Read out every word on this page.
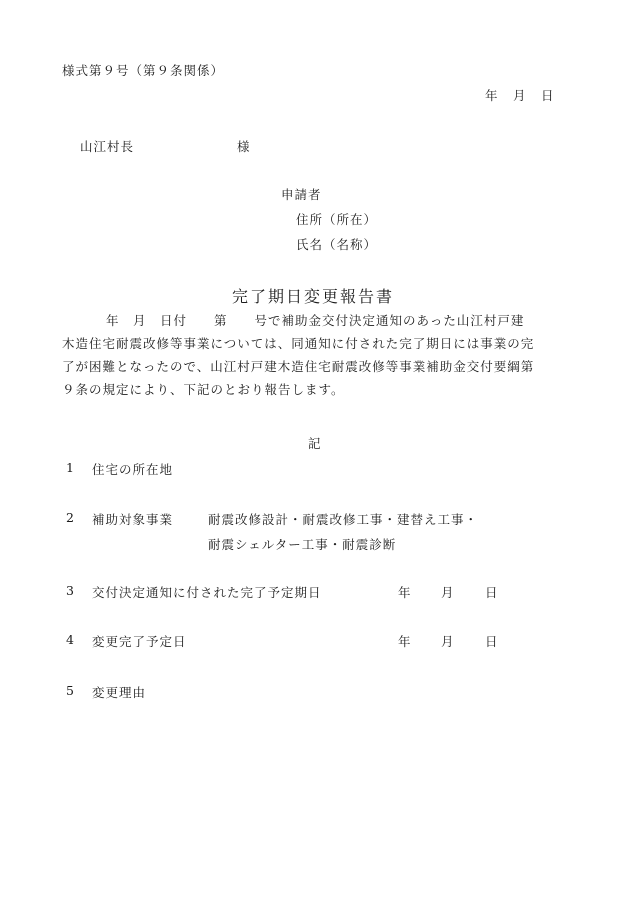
様式第９号（第９条関係）
年 月 日
山江村長	様
申請者
住所（所在）
氏名（名称）
完了期日変更報告書
年　月　日付　　第　　号で補助金交付決定通知のあった山江村戸建
木造住宅耐震改修等事業については、同通知に付された完了期日には事業の完
了が困難となったので、山江村戸建木造住宅耐震改修等事業補助金交付要綱第
９条の規定により、下記のとおり報告します。
記
1 住宅の所在地
2 補助対象事業	耐震改修設計・耐震改修工事・建替え工事・
耐震シェルター工事・耐震診断
3 交付決定通知に付された完了予定期日	年 月 日
4 変更完了予定日	年 月 日
5 変更理由
